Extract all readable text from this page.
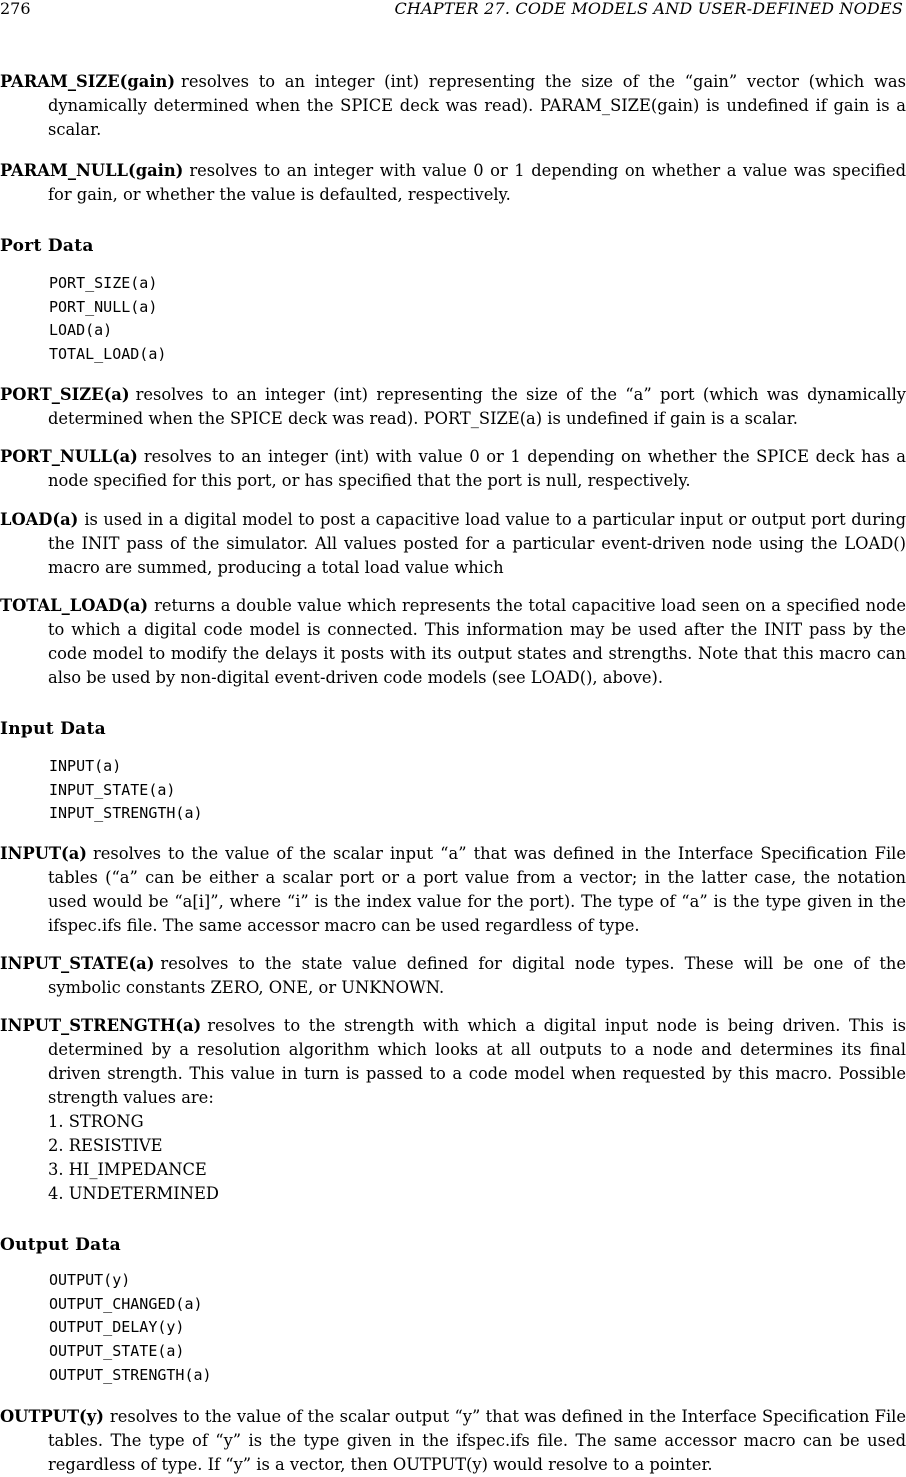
276	CHAPTER 27. CODE MODELS AND USER-DEFINED NODES

PARAM_SIZE(gain) resolves to an integer (int) representing the size of the “gain” vector (which was dynamically determined when the SPICE deck was read). PARAM_SIZE(gain) is undefined if gain is a scalar.

PARAM_NULL(gain) resolves to an integer with value 0 or 1 depending on whether a value was specified for gain, or whether the value is defaulted, respectively.

Port Data
PORT_SIZE(a)
PORT_NULL(a)
LOAD(a)
TOTAL_LOAD(a)

PORT_SIZE(a) resolves to an integer (int) representing the size of the “a” port (which was dynamically determined when the SPICE deck was read). PORT_SIZE(a) is undefined if gain is a scalar.

PORT_NULL(a) resolves to an integer (int) with value 0 or 1 depending on whether the SPICE deck has a node specified for this port, or has specified that the port is null, respectively.

LOAD(a) is used in a digital model to post a capacitive load value to a particular input or output port during the INIT pass of the simulator. All values posted for a particular event-driven node using the LOAD() macro are summed, producing a total load value which

TOTAL_LOAD(a) returns a double value which represents the total capacitive load seen on a specified node to which a digital code model is connected. This information may be used after the INIT pass by the code model to modify the delays it posts with its output states and strengths. Note that this macro can also be used by non-digital event-driven code models (see LOAD(), above).

Input Data
INPUT(a)
INPUT_STATE(a)
INPUT_STRENGTH(a)

INPUT(a) resolves to the value of the scalar input “a” that was defined in the Interface Specification File tables (“a” can be either a scalar port or a port value from a vector; in the latter case, the notation used would be “a[i]”, where “i” is the index value for the port). The type of “a” is the type given in the ifspec.ifs file. The same accessor macro can be used regardless of type.

INPUT_STATE(a) resolves to the state value defined for digital node types. These will be one of the symbolic constants ZERO, ONE, or UNKNOWN.

INPUT_STRENGTH(a) resolves to the strength with which a digital input node is being driven. This is determined by a resolution algorithm which looks at all outputs to a node and determines its final driven strength. This value in turn is passed to a code model when requested by this macro. Possible strength values are:

1. STRONG
2. RESISTIVE
3. HI_IMPEDANCE
4. UNDETERMINED
Output Data
OUTPUT(y)
OUTPUT_CHANGED(a)
OUTPUT_DELAY(y)
OUTPUT_STATE(a)
OUTPUT_STRENGTH(a)

OUTPUT(y) resolves to the value of the scalar output “y” that was defined in the Interface Specification File tables. The type of “y” is the type given in the ifspec.ifs file. The same accessor macro can be used regardless of type. If “y” is a vector, then OUTPUT(y) would resolve to a pointer.
